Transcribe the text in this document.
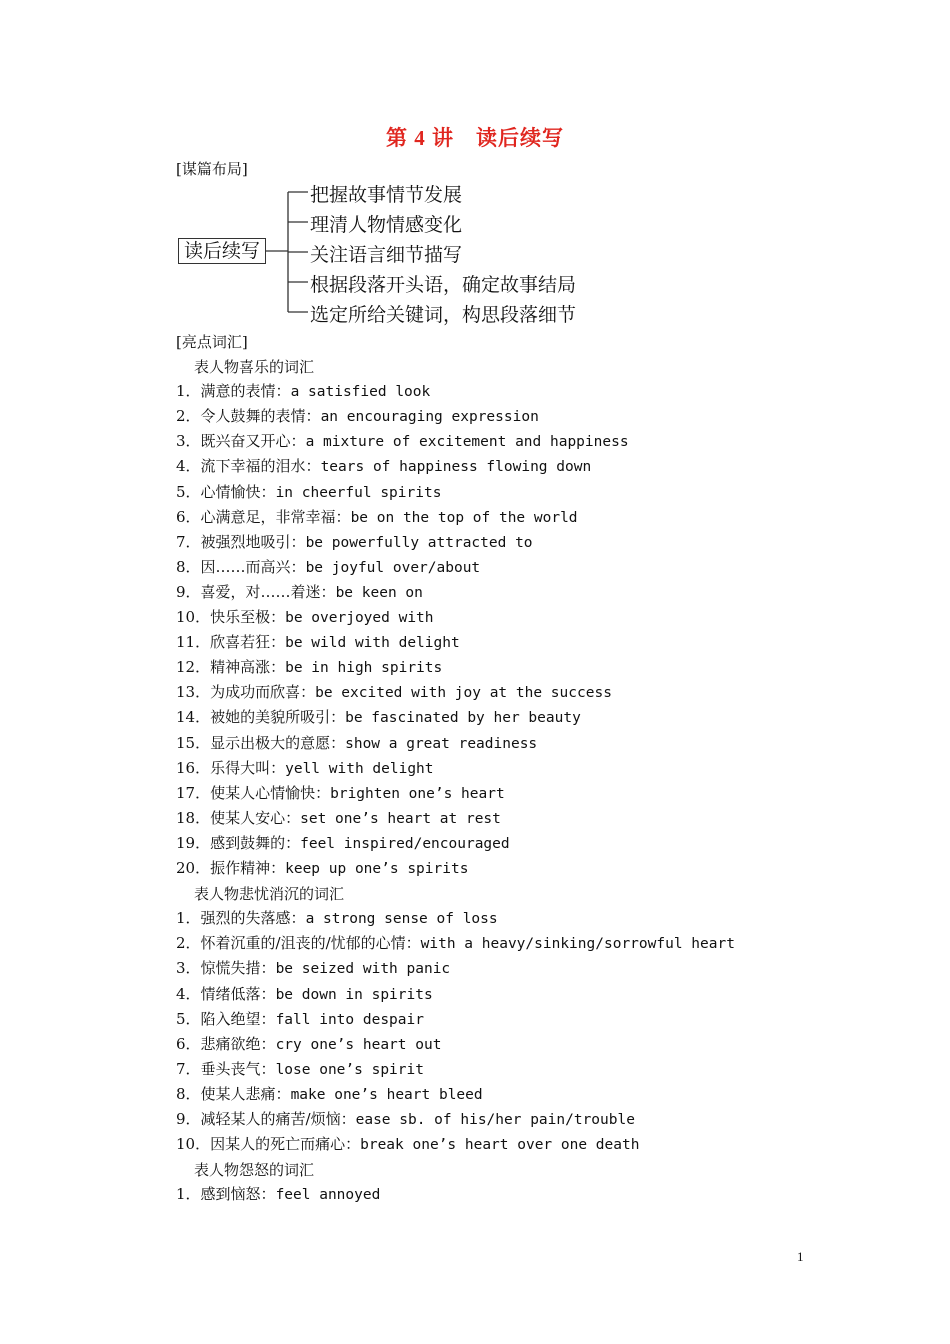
第 4 讲　读后续写
[谋篇布局]
读后续写
把握故事情节发展
理清人物情感变化
关注语言细节描写
根据段落开头语，确定故事结局
选定所给关键词，构思段落细节
[亮点词汇]
表人物喜乐的词汇
1．满意的表情：a satisfied look
2．令人鼓舞的表情：an encouraging expression
3．既兴奋又开心：a mixture of excitement and happiness
4．流下幸福的泪水：tears of happiness flowing down
5．心情愉快：in cheerful spirits
6．心满意足，非常幸福：be on the top of the world
7．被强烈地吸引：be powerfully attracted to
8．因……而高兴：be joyful over/about
9．喜爱，对……着迷：be keen on
10．快乐至极：be overjoyed with
11．欣喜若狂：be wild with delight
12．精神高涨：be in high spirits
13．为成功而欣喜：be excited with joy at the success
14．被她的美貌所吸引：be fascinated by her beauty
15．显示出极大的意愿：show a great readiness
16．乐得大叫：yell with delight
17．使某人心情愉快：brighten one’s heart
18．使某人安心：set one’s heart at rest
19．感到鼓舞的：feel inspired/encouraged
20．振作精神：keep up one’s spirits
表人物悲忧消沉的词汇
1．强烈的失落感：a strong sense of loss
2．怀着沉重的/沮丧的/忧郁的心情：with a heavy/sinking/sorrowful heart
3．惊慌失措：be seized with panic
4．情绪低落：be down in spirits
5．陷入绝望：fall into despair
6．悲痛欲绝：cry one’s heart out
7．垂头丧气：lose one’s spirit
8．使某人悲痛：make one’s heart bleed
9．减轻某人的痛苦/烦恼：ease sb. of his/her pain/trouble
10．因某人的死亡而痛心：break one’s heart over one death
表人物怨怒的词汇
1．感到恼怒：feel annoyed
1
